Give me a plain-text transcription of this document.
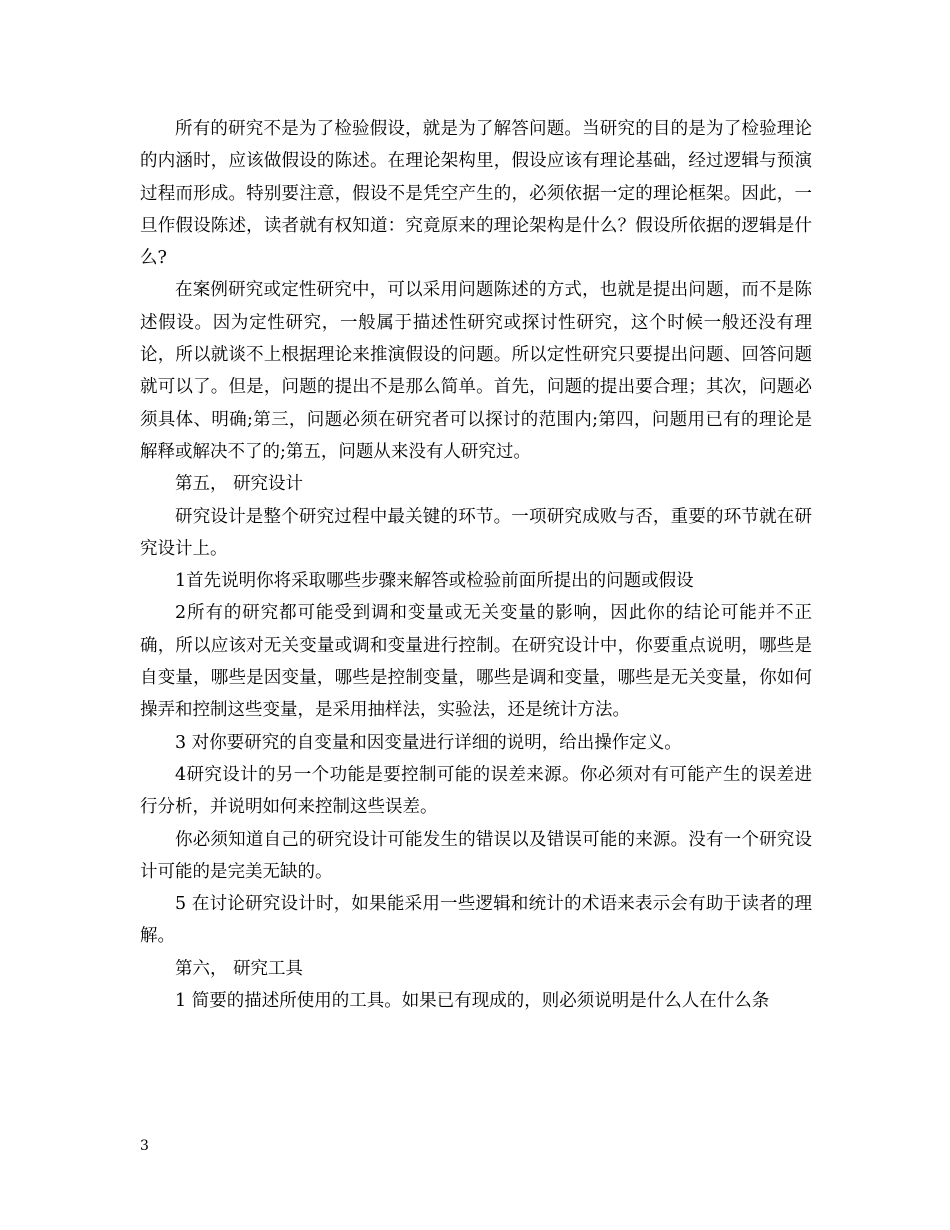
所有的研究不是为了检验假设，就是为了解答问题。当研究的目的是为了检验理论的内涵时，应该做假设的陈述。在理论架构里，假设应该有理论基础，经过逻辑与预演过程而形成。特别要注意，假设不是凭空产生的，必须依据一定的理论框架。因此，一旦作假设陈述，读者就有权知道：究竟原来的理论架构是什么？假设所依据的逻辑是什么?

在案例研究或定性研究中，可以采用问题陈述的方式，也就是提出问题，而不是陈述假设。因为定性研究，一般属于描述性研究或探讨性研究，这个时候一般还没有理论，所以就谈不上根据理论来推演假设的问题。所以定性研究只要提出问题、回答问题就可以了。但是，问题的提出不是那么简单。首先，问题的提出要合理；其次，问题必须具体、明确;第三，问题必须在研究者可以探讨的范围内;第四，问题用已有的理论是解释或解决不了的;第五，问题从来没有人研究过。

第五， 研究设计

研究设计是整个研究过程中最关键的环节。一项研究成败与否，重要的环节就在研究设计上。

1首先说明你将采取哪些步骤来解答或检验前面所提出的问题或假设

2所有的研究都可能受到调和变量或无关变量的影响，因此你的结论可能并不正确，所以应该对无关变量或调和变量进行控制。在研究设计中，你要重点说明，哪些是自变量，哪些是因变量，哪些是控制变量，哪些是调和变量，哪些是无关变量，你如何操弄和控制这些变量，是采用抽样法，实验法，还是统计方法。

3 对你要研究的自变量和因变量进行详细的说明，给出操作定义。

4研究设计的另一个功能是要控制可能的误差来源。你必须对有可能产生的误差进行分析，并说明如何来控制这些误差。

你必须知道自己的研究设计可能发生的错误以及错误可能的来源。没有一个研究设计可能的是完美无缺的。

5 在讨论研究设计时，如果能采用一些逻辑和统计的术语来表示会有助于读者的理解。

第六， 研究工具

1 简要的描述所使用的工具。如果已有现成的，则必须说明是什么人在什么条

3
